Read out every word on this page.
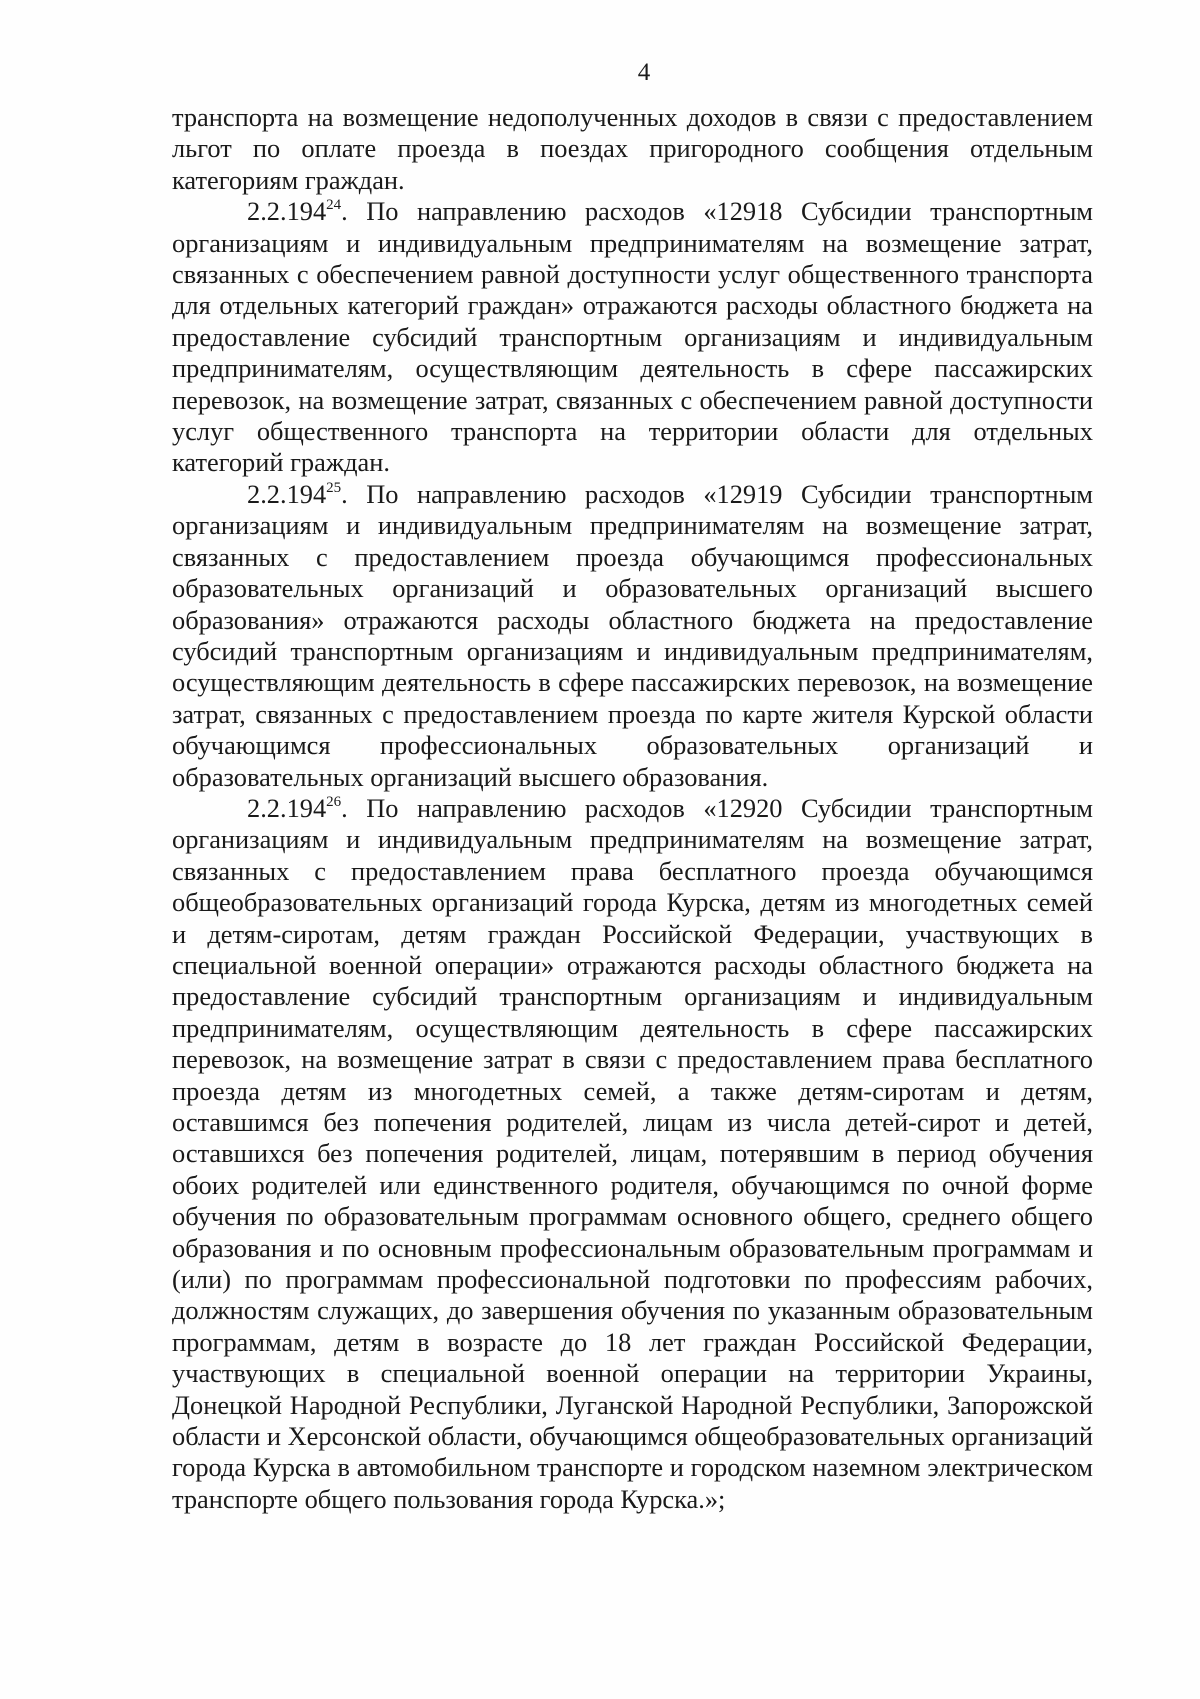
4

транспорта на возмещение недополученных доходов в связи с предоставлением льгот по оплате проезда в поездах пригородного сообщения отдельным категориям граждан.

2.2.194$^{24}$. По направлению расходов «12918 Субсидии транспортным организациям и индивидуальным предпринимателям на возмещение затрат, связанных с обеспечением равной доступности услуг общественного транспорта для отдельных категорий граждан» отражаются расходы областного бюджета на предоставление субсидий транспортным организациям и индивидуальным предпринимателям, осуществляющим деятельность в сфере пассажирских перевозок, на возмещение затрат, связанных с обеспечением равной доступности услуг общественного транспорта на территории области для отдельных категорий граждан.

2.2.194$^{25}$. По направлению расходов «12919 Субсидии транспортным организациям и индивидуальным предпринимателям на возмещение затрат, связанных с предоставлением проезда обучающимся профессиональных образовательных организаций и образовательных организаций высшего образования» отражаются расходы областного бюджета на предоставление субсидий транспортным организациям и индивидуальным предпринимателям, осуществляющим деятельность в сфере пассажирских перевозок, на возмещение затрат, связанных с предоставлением проезда по карте жителя Курской области обучающимся профессиональных образовательных организаций и образовательных организаций высшего образования.

2.2.194$^{26}$. По направлению расходов «12920 Субсидии транспортным организациям и индивидуальным предпринимателям на возмещение затрат, связанных с предоставлением права бесплатного проезда обучающимся общеобразовательных организаций города Курска, детям из многодетных семей и детям-сиротам, детям граждан Российской Федерации, участвующих в специальной военной операции» отражаются расходы областного бюджета на предоставление субсидий транспортным организациям и индивидуальным предпринимателям, осуществляющим деятельность в сфере пассажирских перевозок, на возмещение затрат в связи с предоставлением права бесплатного проезда детям из многодетных семей, а также детям-сиротам и детям, оставшимся без попечения родителей, лицам из числа детей-сирот и детей, оставшихся без попечения родителей, лицам, потерявшим в период обучения обоих родителей или единственного родителя, обучающимся по очной форме обучения по образовательным программам основного общего, среднего общего образования и по основным профессиональным образовательным программам и (или) по программам профессиональной подготовки по профессиям рабочих, должностям служащих, до завершения обучения по указанным образовательным программам, детям в возрасте до 18 лет граждан Российской Федерации, участвующих в специальной военной операции на территории Украины, Донецкой Народной Республики, Луганской Народной Республики, Запорожской области и Херсонской области, обучающимся общеобразовательных организаций города Курска в автомобильном транспорте и городском наземном электрическом транспорте общего пользования города Курска.»;
